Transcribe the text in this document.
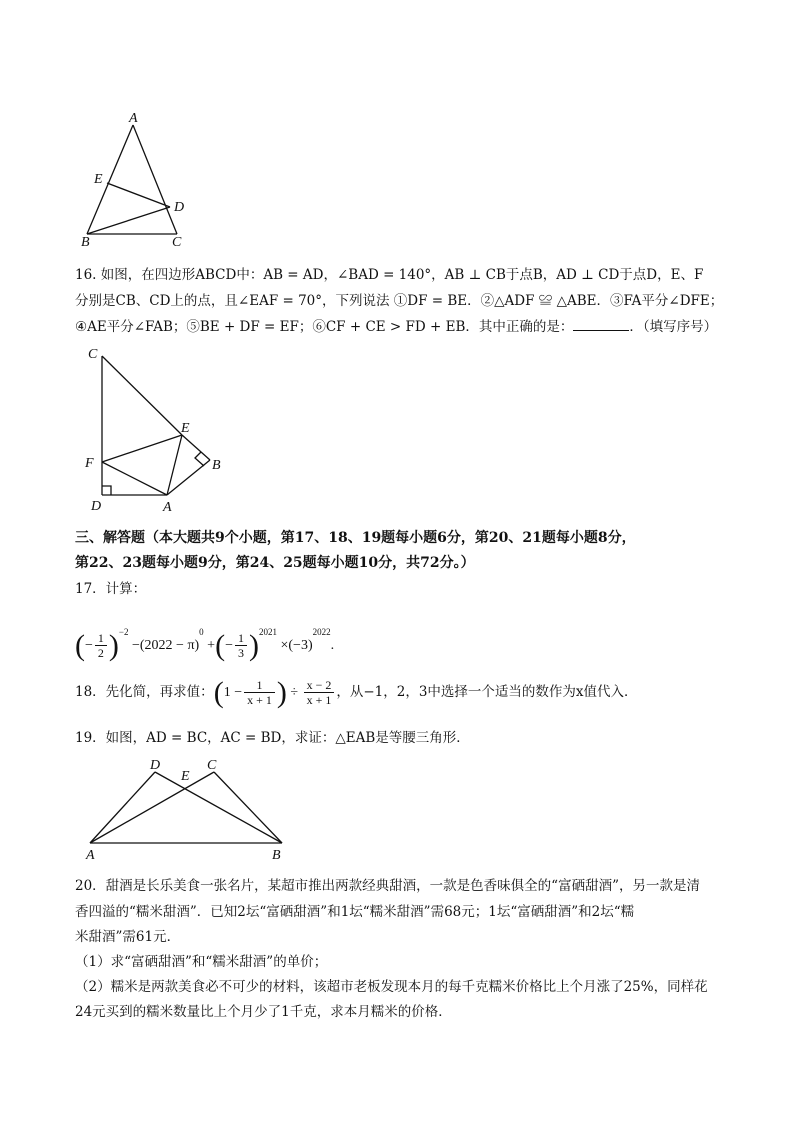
A
E
D
B	C
16. 如图，在四边形ABCD中：AB = AD，∠BAD = 140°，AB ⊥ CB于点B，AD ⊥ CD于点D，E、F
分别是CB、CD上的点，且∠EAF = 70°，下列说法 ①DF = BE．②△ADF ≌ △ABE．③FA平分∠DFE；
④AE平分∠FAB；⑤BE + DF = EF；⑥CF + CE > FD + EB．其中正确的是：	．（填写序号）
C
E
F	B
D	A
三、解答题（本大题共9个小题，第17、18、19题每小题6分，第20、21题每小题8分，
第22、23题每小题9分，第24、25题每小题10分，共72分。）
17．计算：
(− $\frac{1}{2} )^{-2} -(2022 - \pi)^0$ +(− $\frac{1}{3} )^{2021} \times(-3)^{2022}$.
18．先化简，再求值：($1 - \frac{1}{x + 1}$ ) ÷ $\frac{x - 2}{x + 1}$ ，从−1，2，3中选择一个适当的数作为x值代入．
19．如图，AD = BC，AC = BD，求证：△EAB是等腰三角形．
D
E
C
A	B
20．甜酒是长乐美食一张名片，某超市推出两款经典甜酒，一款是色香味俱全的“富硒甜酒”，另一款是清
香四溢的“糯米甜酒”．已知2坛“富硒甜酒”和1坛“糯米甜酒”需68元；1坛“富硒甜酒”和2坛“糯
米甜酒”需61元．
（1）求“富硒甜酒”和“糯米甜酒”的单价；
（2）糯米是两款美食必不可少的材料，该超市老板发现本月的每千克糯米价格比上个月涨了25%，同样花
24元买到的糯米数量比上个月少了1千克，求本月糯米的价格．
